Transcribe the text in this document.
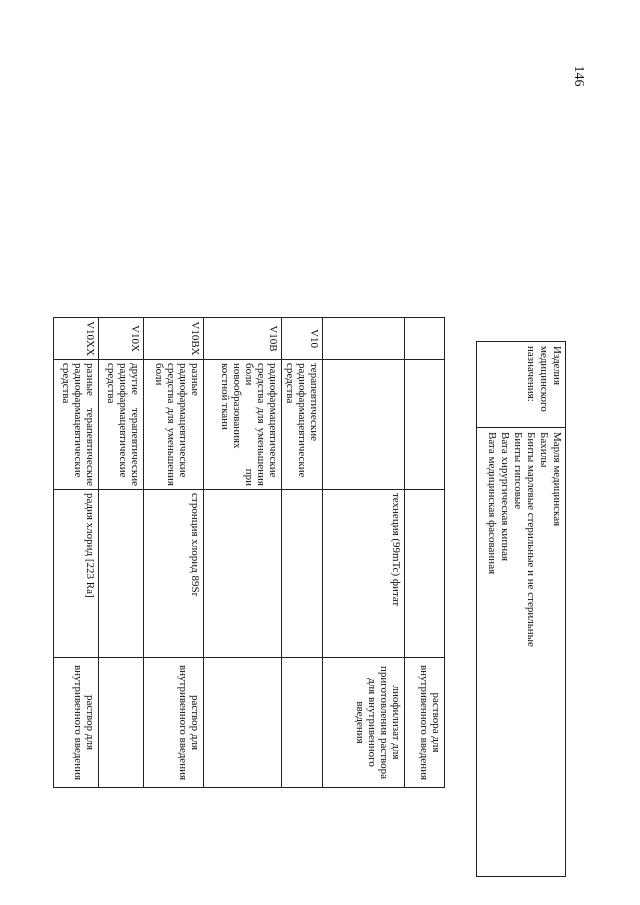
146
			раствора для внутривенного введения
		технеция (99mTc) фитат	лиофилизат для приготовления раствора для внутривенного введения
V10	терапевтические радиофармацевтические средства		
V10B	радиофармацевтические средства для уменьшения боли при новообразованиях костной ткани		
V10BX	разные радиофармацевтические средства для уменьшения боли	стронция хлорид 89Sr	раствор для внутривенного введения
V10X	другие терапевтические радиофармацевтические средства		
V10XX	разные терапевтические радиофармацевтические средства	радия хлорид [223 Ra]	раствор для внутривенного введения
Изделия медицинского назначения:	
Марля медицинская
Бахилы
Бинты марлевые стерильные и не стерильные
Бинты гипсовые
Вата хирургическая кипная
Вата медицинская фасованная
